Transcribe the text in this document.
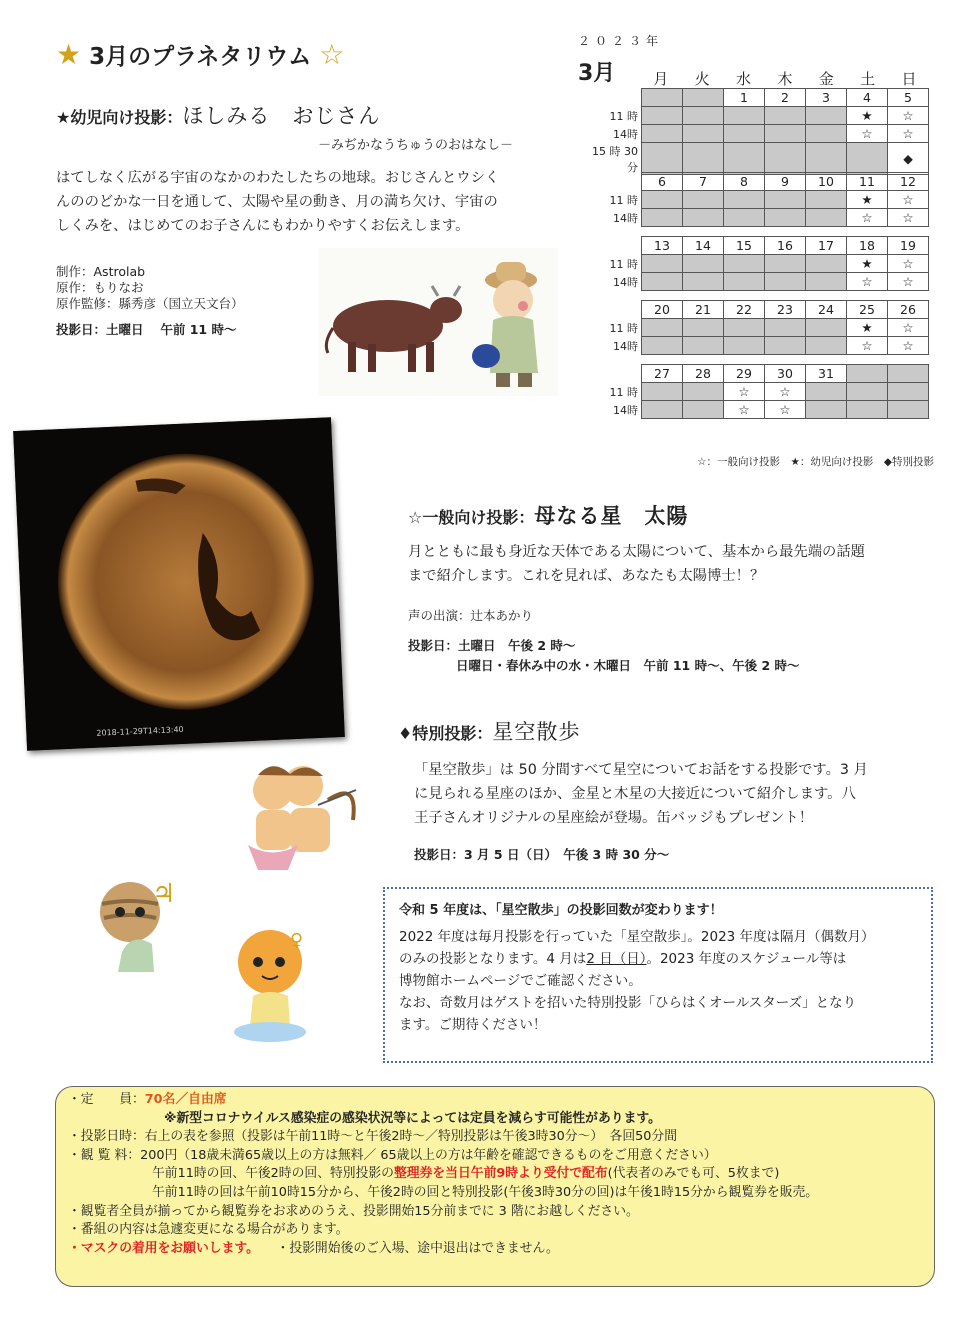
★ 3月のプラネタリウム ☆
★幼児向け投影：ほしみる　おじさん
－みぢかなうちゅうのおはなし－

はてしなく広がる宇宙のなかのわたしたちの地球。おじさんとウシく

んののどかな一日を通して、太陽や星の動き、月の満ち欠け、宇宙の

しくみを、はじめてのお子さんにもわかりやすくお伝えします。

制作：Astrolab
原作：もりなお
原作監修：縣秀彦（国立天文台）
投影日：土曜日　 午前 11 時～
２０２３年
3月	月	火	水	木	金	土	日
			1	2	3	4	5
11 時						★	☆
14時						☆	☆
15 時 30 分							◆
	6	7	8	9	10	11	12
11 時						★	☆
14時						☆	☆
	13	14	15	16	17	18	19
11 時						★	☆
14時						☆	☆
	20	21	22	23	24	25	26
11 時						★	☆
14時						☆	☆
	27	28	29	30	31		
11 時			☆	☆			
14時			☆	☆			
☆：一般向け投影　★：幼児向け投影　◆特別投影
2018-11-29T14:13:40
☆一般向け投影：母なる星　太陽

月とともに最も身近な天体である太陽について、基本から最先端の話題

まで紹介します。これを見れば、あなたも太陽博士！？

声の出演：辻本あかり
投影日：土曜日　午後 2 時～
日曜日・春休み中の水・木曜日　午前 11 時～、午後 2 時～
♦特別投影：星空散歩

「星空散歩」は 50 分間すべて星空についてお話をする投影です。3 月

に見られる星座のほか、金星と木星の大接近について紹介します。八

王子さんオリジナルの星座絵が登場。缶バッジもプレゼント！

投影日：3 月 5 日（日）　午後 3 時 30 分～
♃
♀
令和 5 年度は、「星空散歩」の投影回数が変わります！
2022 年度は毎月投影を行っていた「星空散歩」。2023 年度は隔月（偶数月）
のみの投影となります。4 月は2 日（日）。2023 年度のスケジュール等は
博物館ホームページでご確認ください。
なお、奇数月はゲストを招いた特別投影「ひらはくオールスターズ」となり
ます。ご期待ください！
・定　　員：70名／自由席
※新型コロナウイルス感染症の感染状況等によっては定員を減らす可能性があります。
・投影日時：右上の表を参照（投影は午前11時～と午後2時～／特別投影は午後3時30分～）　各回50分間
・観 覧 料：200円（18歳未満65歳以上の方は無料／ 65歳以上の方は年齢を確認できるものをご用意ください）
午前11時の回、午後2時の回、特別投影の整理券を当日午前9時より受付で配布(代表者のみでも可、5枚まで)
午前11時の回は午前10時15分から、午後2時の回と特別投影(午後3時30分の回)は午後1時15分から観覧券を販売。
・観覧者全員が揃ってから観覧券をお求めのうえ、投影開始15分前までに 3 階にお越しください。
・番組の内容は急遽変更になる場合があります。
・マスクの着用をお願いします。 ・投影開始後のご入場、途中退出はできません。
